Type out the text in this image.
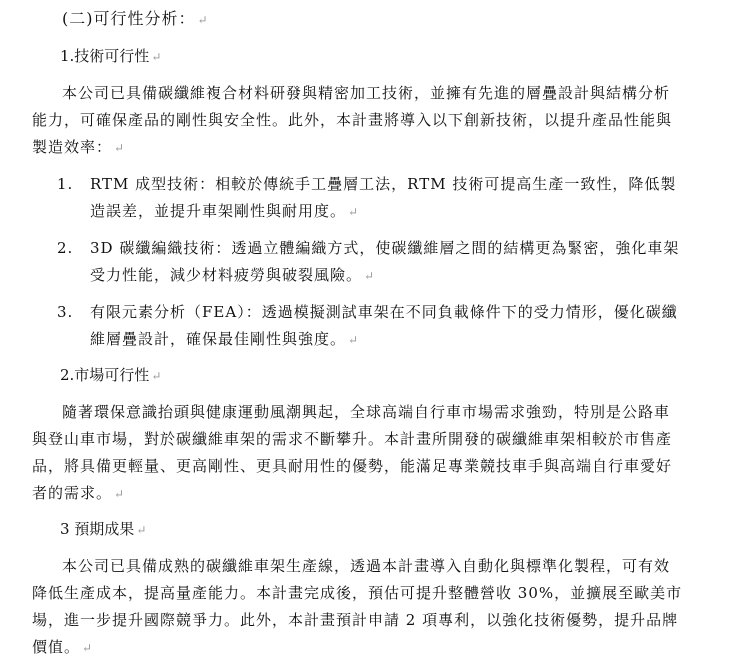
(二)可行性分析： ↵
1.技術可行性 ↵
本公司已具備碳纖維複合材料研發與精密加工技術，並擁有先進的層疊設計與結構分析
能力，可確保產品的剛性與安全性。此外，本計畫將導入以下創新技術，以提升產品性能與
製造效率： ↵
1.	RTM 成型技術：相較於傳統手工疊層工法，RTM 技術可提高生產一致性，降低製
造誤差，並提升車架剛性與耐用度。 ↵
2.	3D 碳纖編織技術：透過立體編織方式，使碳纖維層之間的結構更為緊密，強化車架
受力性能，減少材料疲勞與破裂風險。 ↵
3.	有限元素分析（FEA）：透過模擬測試車架在不同負載條件下的受力情形，優化碳纖
維層疊設計，確保最佳剛性與強度。 ↵
2.市場可行性 ↵
隨著環保意識抬頭與健康運動風潮興起，全球高端自行車市場需求強勁，特別是公路車
與登山車市場，對於碳纖維車架的需求不斷攀升。本計畫所開發的碳纖維車架相較於市售產
品，將具備更輕量、更高剛性、更具耐用性的優勢，能滿足專業競技車手與高端自行車愛好
者的需求。 ↵
3 預期成果 ↵
本公司已具備成熟的碳纖維車架生產線，透過本計畫導入自動化與標準化製程，可有效
降低生產成本，提高量產能力。本計畫完成後，預估可提升整體營收 30%，並擴展至歐美市
場，進一步提升國際競爭力。此外，本計畫預計申請 2 項專利，以強化技術優勢，提升品牌
價值。 ↵
